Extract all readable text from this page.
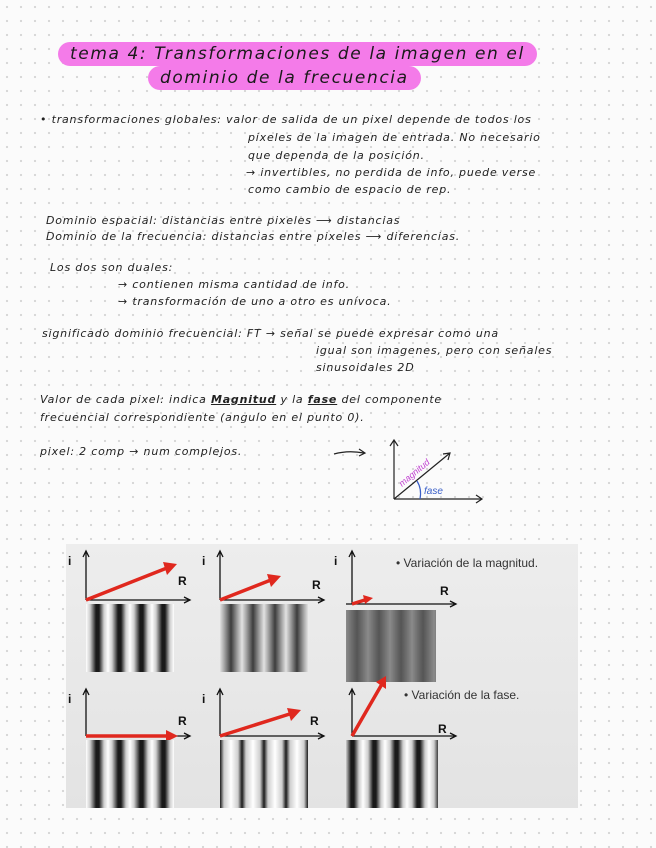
tema 4: Transformaciones de la imagen en el
dominio de la frecuencia
• transformaciones globales: valor de salida de un pixel depende de todos los
pixeles de la imagen de entrada. No necesario
que dependa de la posición.
→ invertibles, no perdida de info, puede verse
como cambio de espacio de rep.
Dominio espacial: distancias entre pixeles ⟶ distancias
Dominio de la frecuencia: distancias entre pixeles ⟶ diferencias.
Los dos son duales:
→ contienen misma cantidad de info.
→ transformación de uno a otro es unívoca.
significado dominio frecuencial: FT → señal se puede expresar como una
igual son imagenes, pero con señales
sinusoidales 2D
Valor de cada pixel: indica Magnitud y la fase del componente
frecuencial correspondiente (angulo en el punto 0).
pixel: 2 comp → num complejos.
magnitud
fase
i
R
i
R
i
R
• Variación de la magnitud.
i
R
i
R
R
• Variación de la fase.
